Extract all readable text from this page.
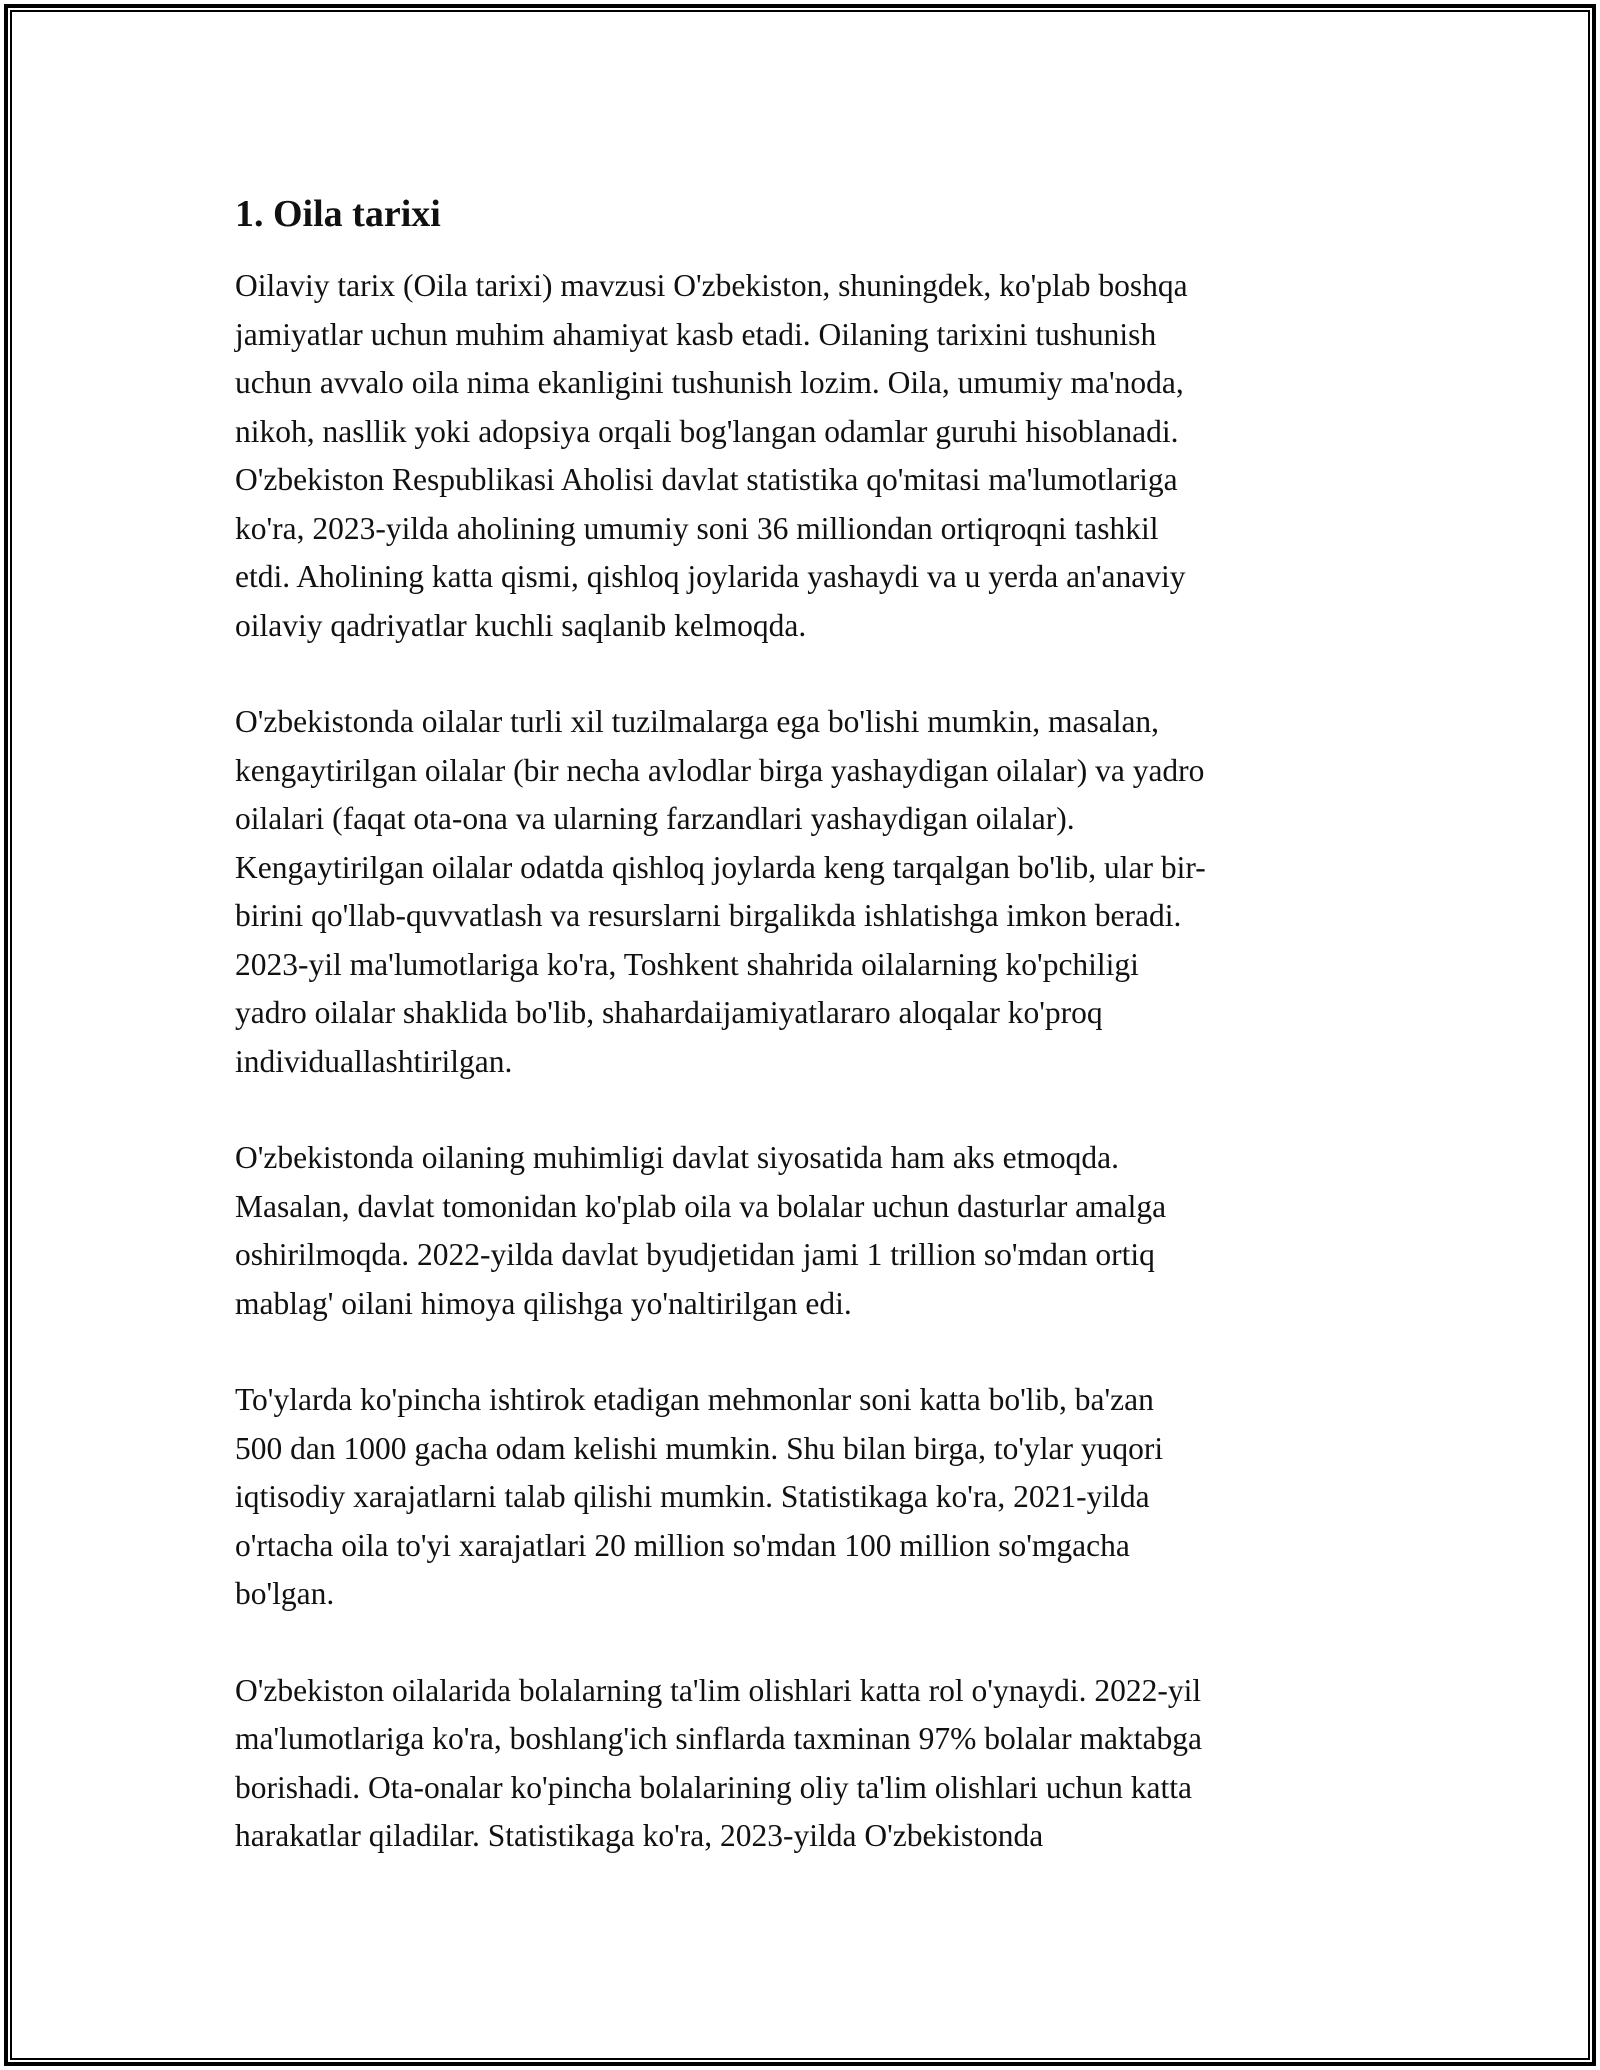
1. Oila tarixi

Oilaviy tarix (Oila tarixi) mavzusi O'zbekiston, shuningdek, ko'plab boshqa
jamiyatlar uchun muhim ahamiyat kasb etadi. Oilaning tarixini tushunish
uchun avvalo oila nima ekanligini tushunish lozim. Oila, umumiy ma'noda,
nikoh, nasllik yoki adopsiya orqali bog'langan odamlar guruhi hisoblanadi.
O'zbekiston Respublikasi Aholisi davlat statistika qo'mitasi ma'lumotlariga
ko'ra, 2023-yilda aholining umumiy soni 36 milliondan ortiqroqni tashkil
etdi. Aholining katta qismi, qishloq joylarida yashaydi va u yerda an'anaviy
oilaviy qadriyatlar kuchli saqlanib kelmoqda.

O'zbekistonda oilalar turli xil tuzilmalarga ega bo'lishi mumkin, masalan,
kengaytirilgan oilalar (bir necha avlodlar birga yashaydigan oilalar) va yadro
oilalari (faqat ota-ona va ularning farzandlari yashaydigan oilalar).
Kengaytirilgan oilalar odatda qishloq joylarda keng tarqalgan bo'lib, ular bir-
birini qo'llab-quvvatlash va resurslarni birgalikda ishlatishga imkon beradi.
2023-yil ma'lumotlariga ko'ra, Toshkent shahrida oilalarning ko'pchiligi
yadro oilalar shaklida bo'lib, shahardaijamiyatlararo aloqalar ko'proq
individuallashtirilgan.

O'zbekistonda oilaning muhimligi davlat siyosatida ham aks etmoqda.
Masalan, davlat tomonidan ko'plab oila va bolalar uchun dasturlar amalga
oshirilmoqda. 2022-yilda davlat byudjetidan jami 1 trillion so'mdan ortiq
mablag' oilani himoya qilishga yo'naltirilgan edi.

To'ylarda ko'pincha ishtirok etadigan mehmonlar soni katta bo'lib, ba'zan
500 dan 1000 gacha odam kelishi mumkin. Shu bilan birga, to'ylar yuqori
iqtisodiy xarajatlarni talab qilishi mumkin. Statistikaga ko'ra, 2021-yilda
o'rtacha oila to'yi xarajatlari 20 million so'mdan 100 million so'mgacha
bo'lgan.

O'zbekiston oilalarida bolalarning ta'lim olishlari katta rol o'ynaydi. 2022-yil
ma'lumotlariga ko'ra, boshlang'ich sinflarda taxminan 97% bolalar maktabga
borishadi. Ota-onalar ko'pincha bolalarining oliy ta'lim olishlari uchun katta
harakatlar qiladilar. Statistikaga ko'ra, 2023-yilda O'zbekistonda
